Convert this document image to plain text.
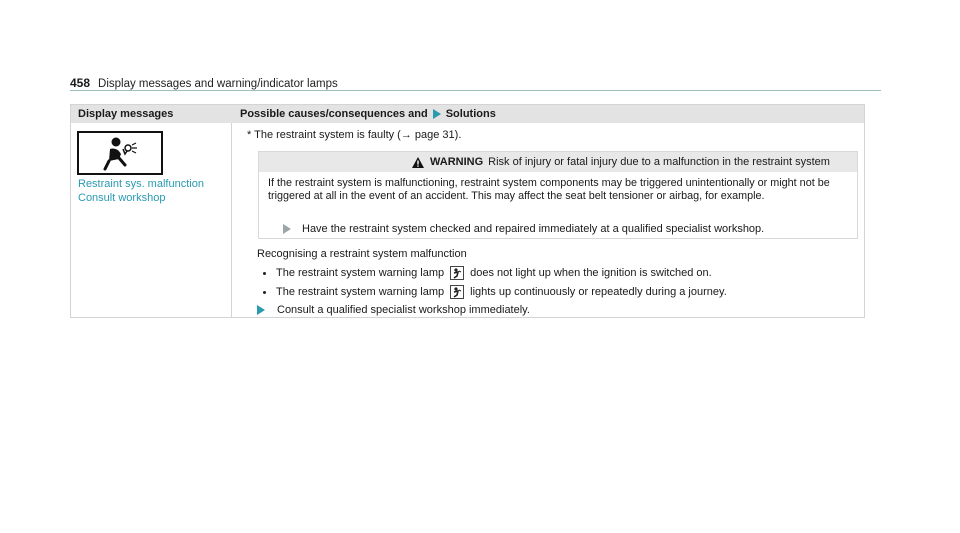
458 Display messages and warning/indicator lamps
Display messages	Possible causes/consequences and Solutions
Restraint sys. malfunction
Consult workshop
* The restraint system is faulty (→ page 31).
WARNING Risk of injury or fatal injury due to a malfunction in the restraint system
If the restraint system is malfunctioning, restraint system components may be triggered unintentionally or might not be triggered at all in the event of an accident. This may affect the seat belt tensioner or airbag, for example.
Have the restraint system checked and repaired immediately at a qualified specialist workshop.
Recognising a restraint system malfunction
The restraint system warning lamp does not light up when the ignition is switched on.
The restraint system warning lamp lights up continuously or repeatedly during a journey.
Consult a qualified specialist workshop immediately.
